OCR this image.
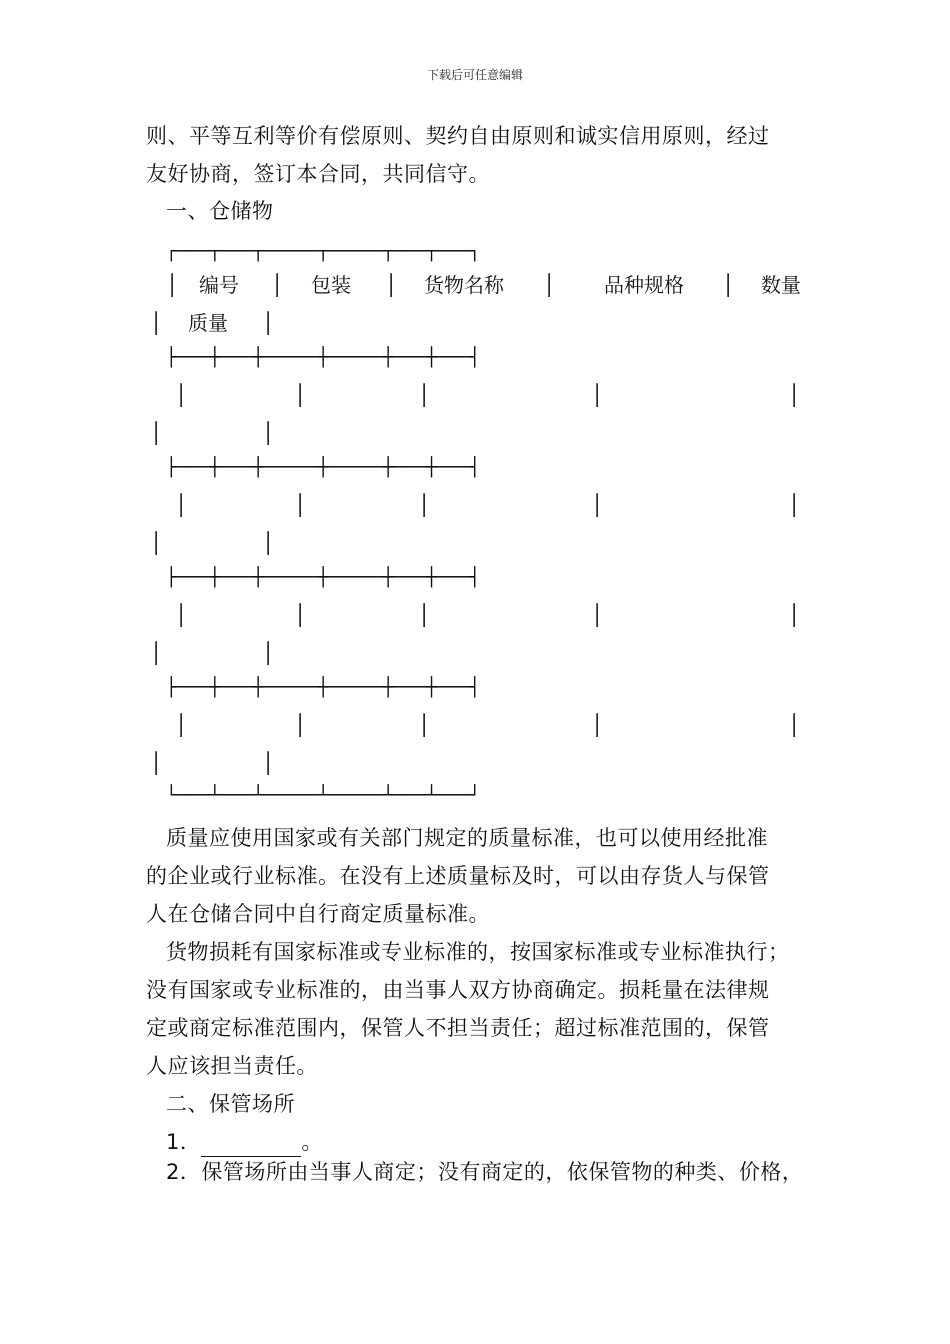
下载后可任意编辑
则、平等互利等价有偿原则、契约自由原则和诚实信用原则，经过
友好协商，签订本合同，共同信守。
一、仓储物
┌───┬───┬─────┬─────┬───┬───┐
│ 编号 │ 包装 │ 货物名称 │ 品种规格 │ 数量
│ 质量 │
├───┼───┼─────┼─────┼───┼───┤
│	│	│	│	│
│	│
├───┼───┼─────┼─────┼───┼───┤
│	│	│	│	│
│	│
├───┼───┼─────┼─────┼───┼───┤
│	│	│	│	│
│	│
├───┼───┼─────┼─────┼───┼───┤
│	│	│	│	│
│	│
└───┴───┴─────┴─────┴───┴───┘
质量应使用国家或有关部门规定的质量标准，也可以使用经批准
的企业或行业标准。在没有上述质量标及时，可以由存货人与保管
人在仓储合同中自行商定质量标准。
货物损耗有国家标准或专业标准的，按国家标准或专业标准执行；
没有国家或专业标准的，由当事人双方协商确定。损耗量在法律规
定或商定标准范围内，保管人不担当责任；超过标准范围的，保管
人应该担当责任。
二、保管场所
1．	。
2．保管场所由当事人商定；没有商定的，依保管物的种类、价格，
